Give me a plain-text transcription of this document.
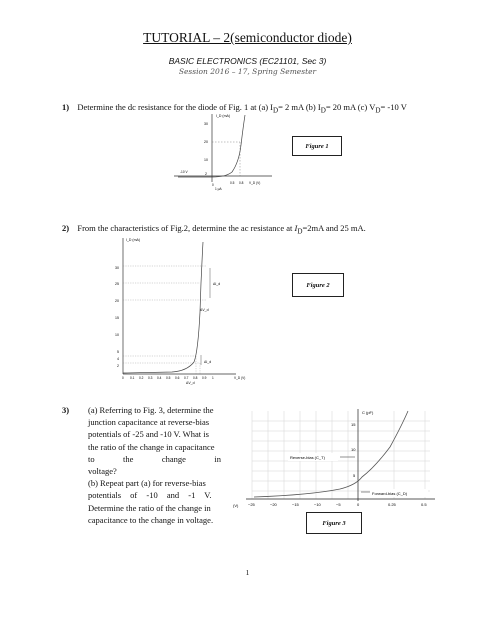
TUTORIAL – 2(semiconductor diode)
BASIC ELECTRONICS (EC21101, Sec 3)
Session 2016 – 17, Spring Semester
1) Determine the dc resistance for the diode of Fig. 1 at (a) $I_D= 2$ mA (b) $I_D= 20$ mA (c) $V_D= -10$ V
I_D (mA)
30
20
10
2
-10 V
0	0.5 0.8 V_D (V)
1 μA
Figure 1
2) From the characteristics of Fig.2, determine the ac resistance at $I_D=2mA$ and 25 mA.
I_D (mA)
30
25
20
15
10
5
4
2
ΔI_d
ΔV_d
ΔI_d
ΔV_d
0 0.1 0.2 0.3 0.4 0.5 0.6 0.7 0.8 0.9 1	V_D (V)
Figure 2
3) (a) Referring to Fig. 3, determine the
junction capacitance at reverse-bias
potentials of -25 and -10 V. What is
the ratio of the change in capacitance
to the change in voltage?
(b) Repeat part (a) for reverse-bias
potentials of -10 and -1 V.
Determine the ratio of the change in
capacitance to the change in voltage.
Reverse-bias (C_T)
Forward-bias (C_D)
C (pF)
15
10
5
(V) −25	−20	−15	−10	−5	0	0.25	0.5
Figure 3
1
